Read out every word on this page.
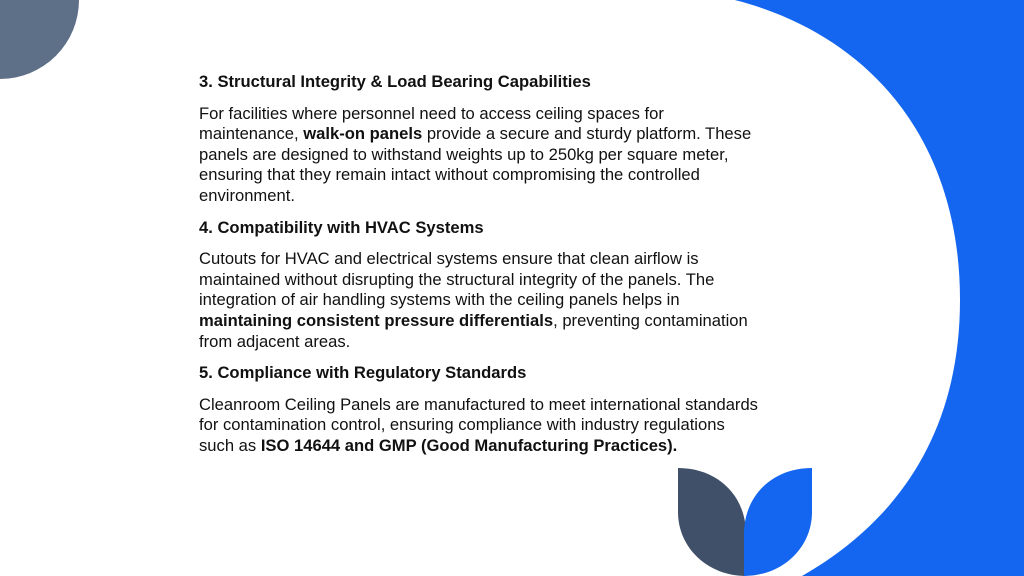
3. Structural Integrity & Load Bearing Capabilities
For facilities where personnel need to access ceiling spaces for maintenance, walk-on panels provide a secure and sturdy platform. These panels are designed to withstand weights up to 250kg per square meter, ensuring that they remain intact without compromising the controlled environment.
4. Compatibility with HVAC Systems
Cutouts for HVAC and electrical systems ensure that clean airflow is maintained without disrupting the structural integrity of the panels. The integration of air handling systems with the ceiling panels helps in maintaining consistent pressure differentials, preventing contamination from adjacent areas.
5. Compliance with Regulatory Standards
Cleanroom Ceiling Panels are manufactured to meet international standards for contamination control, ensuring compliance with industry regulations such as ISO 14644 and GMP (Good Manufacturing Practices).
